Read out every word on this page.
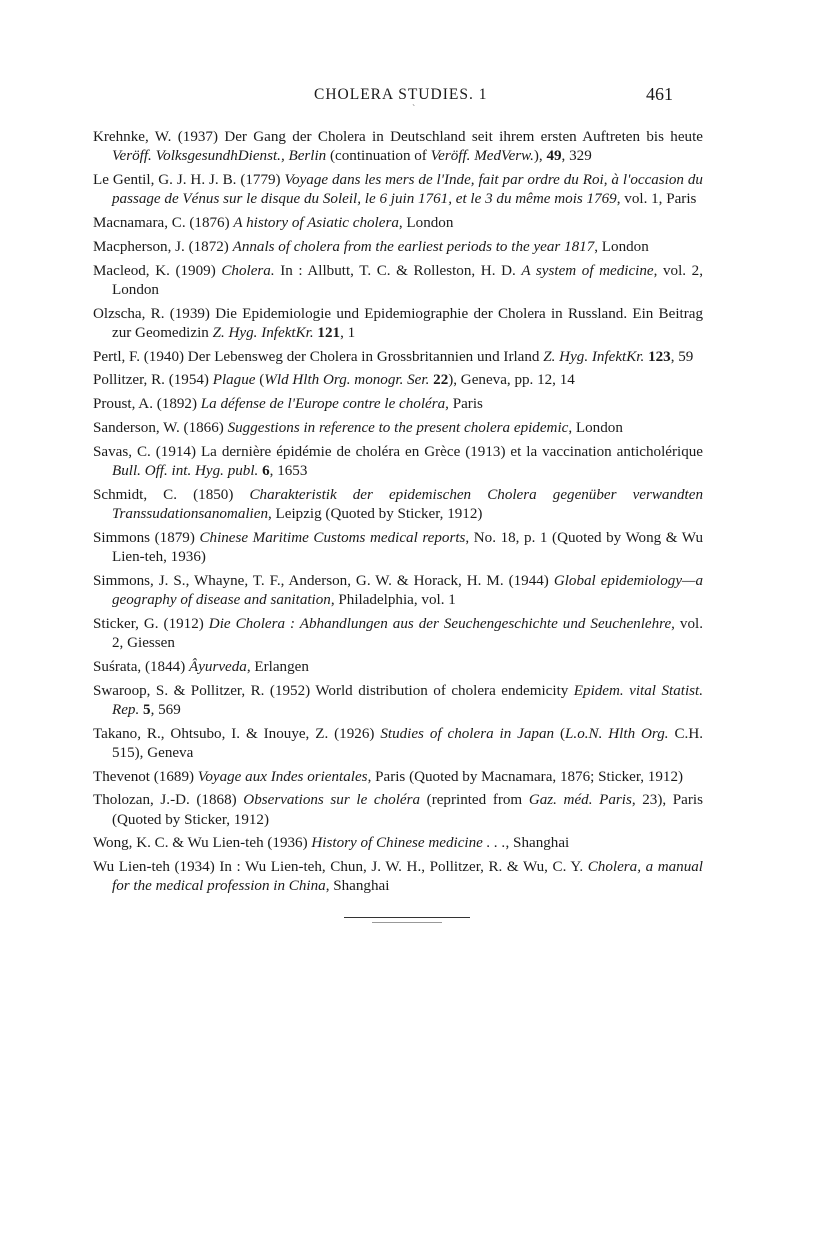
CHOLERA STUDIES. 1	461
`
Krehnke, W. (1937) Der Gang der Cholera in Deutschland seit ihrem ersten Auftreten bis heute Veröff. VolksgesundhDienst., Berlin (continuation of Veröff. MedVerw.), 49, 329
Le Gentil, G. J. H. J. B. (1779) Voyage dans les mers de l'Inde, fait par ordre du Roi, à l'occasion du passage de Vénus sur le disque du Soleil, le 6 juin 1761, et le 3 du même mois 1769, vol. 1, Paris
Macnamara, C. (1876) A history of Asiatic cholera, London
Macpherson, J. (1872) Annals of cholera from the earliest periods to the year 1817, London
Macleod, K. (1909) Cholera. In : Allbutt, T. C. & Rolleston, H. D. A system of medicine, vol. 2, London
Olzscha, R. (1939) Die Epidemiologie und Epidemiographie der Cholera in Russland. Ein Beitrag zur Geomedizin Z. Hyg. InfektKr. 121, 1
Pertl, F. (1940) Der Lebensweg der Cholera in Grossbritannien und Irland Z. Hyg. InfektKr. 123, 59
Pollitzer, R. (1954) Plague (Wld Hlth Org. monogr. Ser. 22), Geneva, pp. 12, 14
Proust, A. (1892) La défense de l'Europe contre le choléra, Paris
Sanderson, W. (1866) Suggestions in reference to the present cholera epidemic, London
Savas, C. (1914) La dernière épidémie de choléra en Grèce (1913) et la vaccination anticholérique Bull. Off. int. Hyg. publ. 6, 1653
Schmidt, C. (1850) Charakteristik der epidemischen Cholera gegenüber verwandten Transsudationsanomalien, Leipzig (Quoted by Sticker, 1912)
Simmons (1879) Chinese Maritime Customs medical reports, No. 18, p. 1 (Quoted by Wong & Wu Lien-teh, 1936)
Simmons, J. S., Whayne, T. F., Anderson, G. W. & Horack, H. M. (1944) Global epidemiology—a geography of disease and sanitation, Philadelphia, vol. 1
Sticker, G. (1912) Die Cholera : Abhandlungen aus der Seuchengeschichte und Seuchenlehre, vol. 2, Giessen
Suśrata, (1844) Âyurveda, Erlangen
Swaroop, S. & Pollitzer, R. (1952) World distribution of cholera endemicity Epidem. vital Statist. Rep. 5, 569
Takano, R., Ohtsubo, I. & Inouye, Z. (1926) Studies of cholera in Japan (L.o.N. Hlth Org. C.H. 515), Geneva
Thevenot (1689) Voyage aux Indes orientales, Paris (Quoted by Macnamara, 1876; Sticker, 1912)
Tholozan, J.-D. (1868) Observations sur le choléra (reprinted from Gaz. méd. Paris, 23), Paris (Quoted by Sticker, 1912)
Wong, K. C. & Wu Lien-teh (1936) History of Chinese medicine . . ., Shanghai
Wu Lien-teh (1934) In : Wu Lien-teh, Chun, J. W. H., Pollitzer, R. & Wu, C. Y. Cholera, a manual for the medical profession in China, Shanghai
